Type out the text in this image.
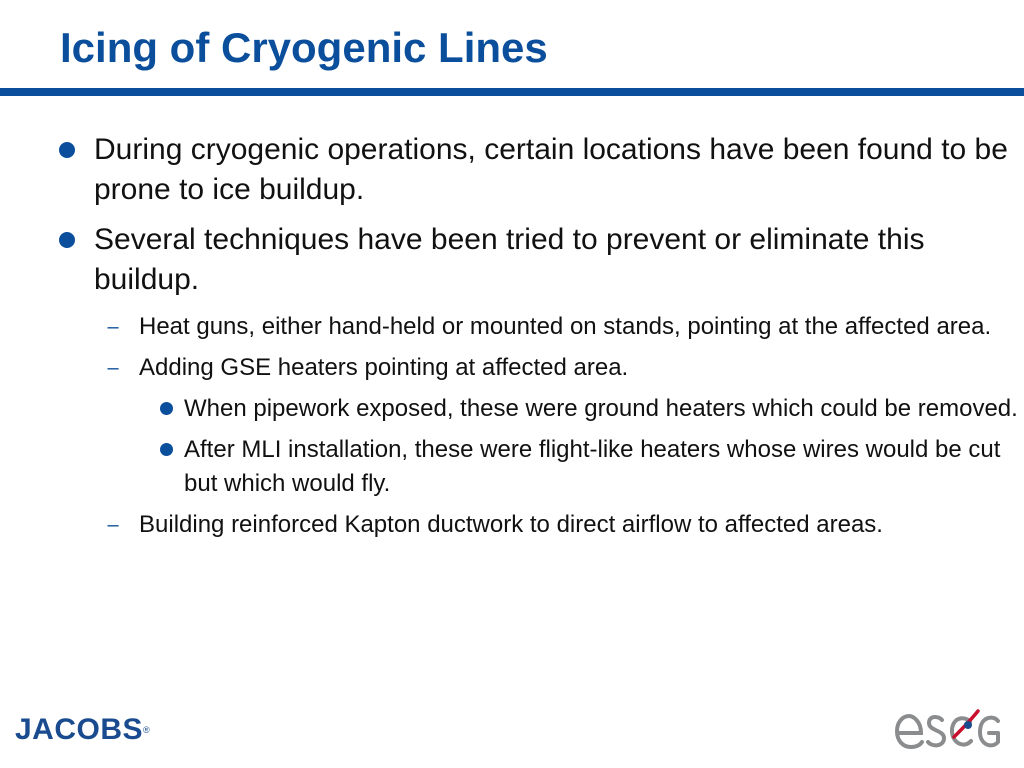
Icing of Cryogenic Lines
During cryogenic operations, certain locations have been found to be prone to ice buildup.
Several techniques have been tried to prevent or eliminate this buildup.
– Heat guns, either hand-held or mounted on stands, pointing at the affected area.
– Adding GSE heaters pointing at affected area.
When pipework exposed, these were ground heaters which could be removed.
After MLI installation, these were flight-like heaters whose wires would be cut but which would fly.
– Building reinforced Kapton ductwork to direct airflow to affected areas.
JACOBS®
